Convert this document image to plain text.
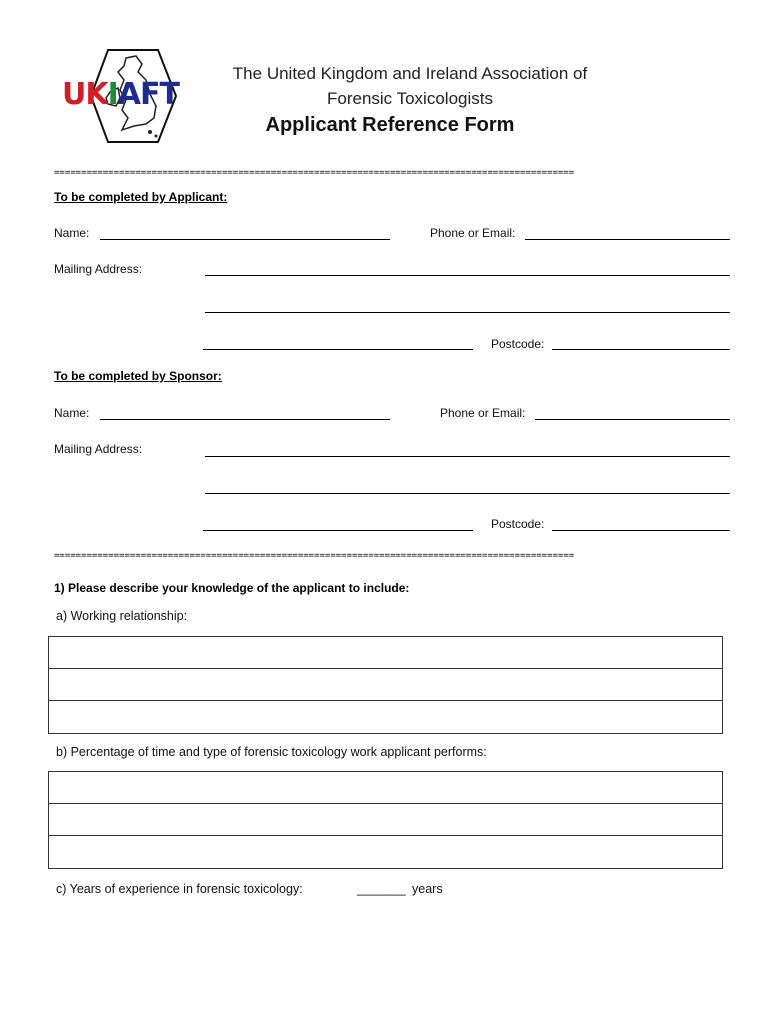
UKIAFT
The United Kingdom and Ireland Association of
Forensic Toxicologists
Applicant Reference Form
================================================================================================
To be completed by Applicant:
Name:	Phone or Email:
Mailing Address:
Postcode:
To be completed by Sponsor:
Name:	Phone or Email:
Mailing Address:
Postcode:
================================================================================================
1) Please describe your knowledge of the applicant to include:
a) Working relationship:
b) Percentage of time and type of forensic toxicology work applicant performs:
c) Years of experience in forensic toxicology:	_______ years
